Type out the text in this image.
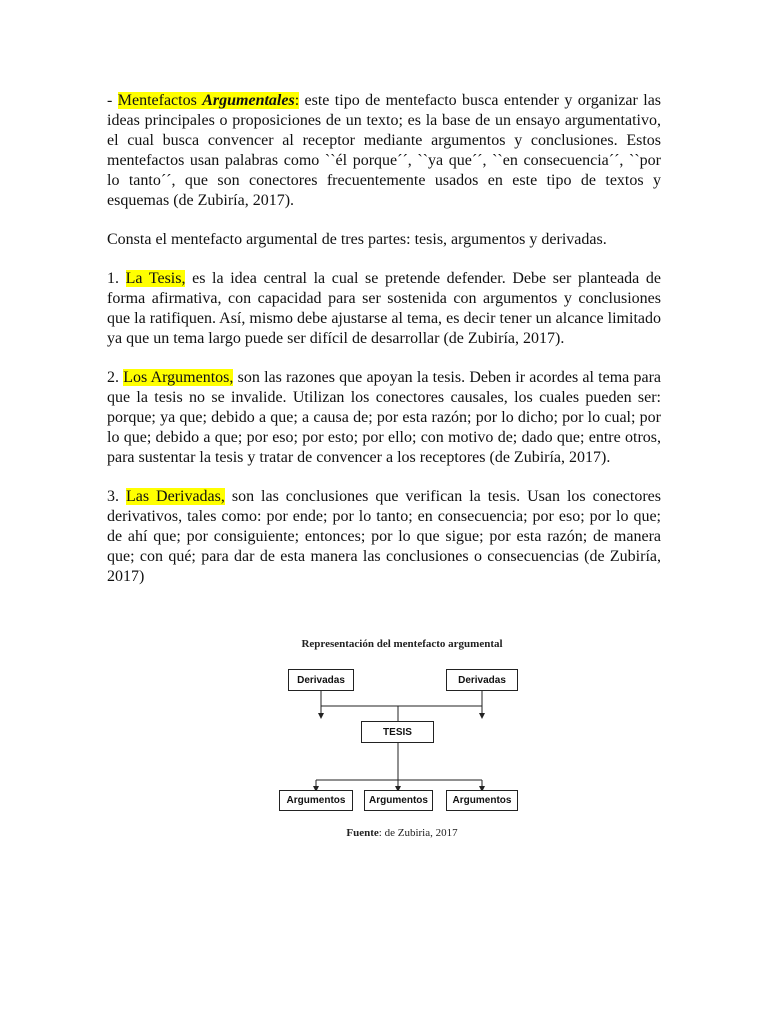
- Mentefactos Argumentales: este tipo de mentefacto busca entender y organizar las ideas principales o proposiciones de un texto; es la base de un ensayo argumentativo, el cual busca convencer al receptor mediante argumentos y conclusiones. Estos mentefactos usan palabras como ``él porque´´, ``ya que´´, ``en consecuencia´´, ``por lo tanto´´, que son conectores frecuentemente usados en este tipo de textos y esquemas (de Zubiría, 2017).

Consta el mentefacto argumental de tres partes: tesis, argumentos y derivadas.

1. La Tesis, es la idea central la cual se pretende defender. Debe ser planteada de forma afirmativa, con capacidad para ser sostenida con argumentos y conclusiones que la ratifiquen. Así, mismo debe ajustarse al tema, es decir tener un alcance limitado ya que un tema largo puede ser difícil de desarrollar (de Zubiría, 2017).

2. Los Argumentos, son las razones que apoyan la tesis. Deben ir acordes al tema para que la tesis no se invalide. Utilizan los conectores causales, los cuales pueden ser: porque; ya que; debido a que; a causa de; por esta razón; por lo dicho; por lo cual; por lo que; debido a que; por eso; por esto; por ello; con motivo de; dado que; entre otros, para sustentar la tesis y tratar de convencer a los receptores (de Zubiría, 2017).

3. Las Derivadas, son las conclusiones que verifican la tesis. Usan los conectores derivativos, tales como: por ende; por lo tanto; en consecuencia; por eso; por lo que; de ahí que; por consiguiente; entonces; por lo que sigue; por esta razón; de manera que; con qué; para dar de esta manera las conclusiones o consecuencias (de Zubiría, 2017)

Representación del mentefacto argumental
Derivadas	Derivadas
TESIS
Argumentos	Argumentos	Argumentos
Fuente: de Zubiria, 2017
